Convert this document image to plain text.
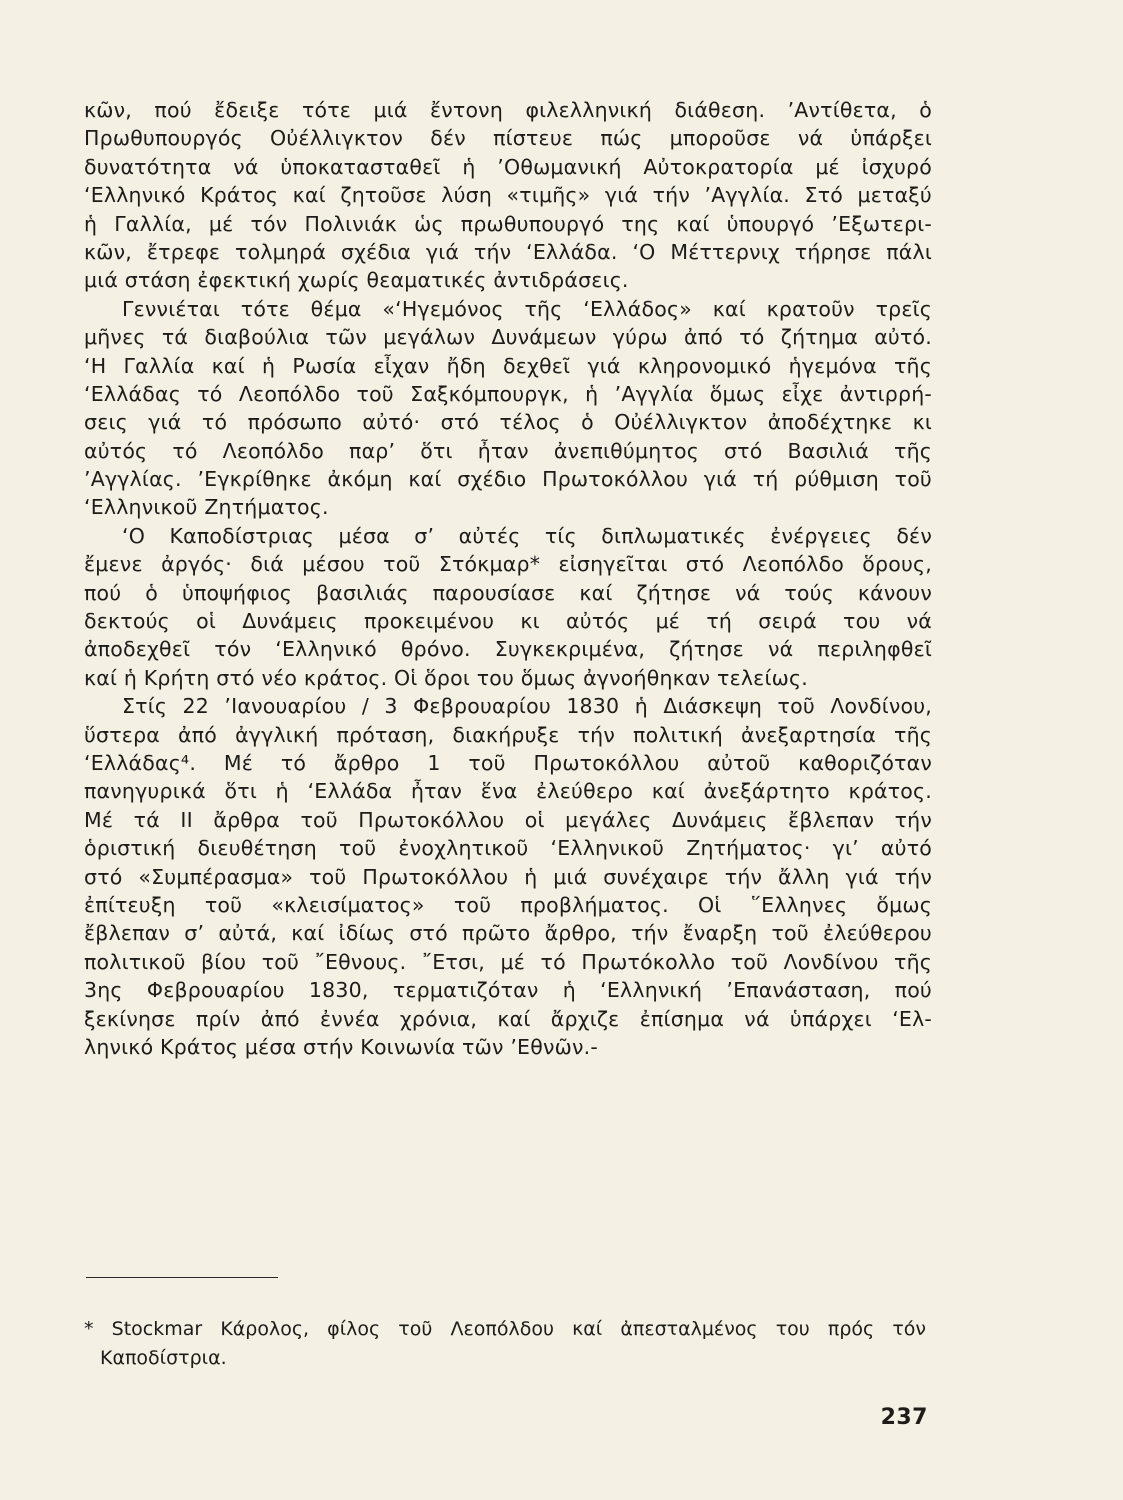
κῶν, πού ἔδειξε τότε μιά ἔντονη φιλελληνική διάθεση. ’Αντίθετα, ὁ
Πρωθυπουργός Οὐέλλιγκτον δέν πίστευε πώς μποροῦσε νά ὑπάρξει
δυνατότητα νά ὑποκατασταθεῖ ἡ ’Οθωμανική Αὐτοκρατορία μέ ἰσχυρό
‘Ελληνικό Κράτος καί ζητοῦσε λύση «τιμῆς» γιά τήν ’Αγγλία. Στό μεταξύ
ἡ Γαλλία, μέ τόν Πολινιάκ ὡς πρωθυπουργό της καί ὑπουργό ’Εξωτερι-
κῶν, ἔτρεφε τολμηρά σχέδια γιά τήν ‘Ελλάδα. ‘Ο Μέττερνιχ τήρησε πάλι
μιά στάση ἐφεκτική χωρίς θεαματικές ἀντιδράσεις.
Γεννιέται τότε θέμα «‘Ηγεμόνος τῆς ‘Ελλάδος» καί κρατοῦν τρεῖς
μῆνες τά διαβούλια τῶν μεγάλων Δυνάμεων γύρω ἀπό τό ζήτημα αὐτό.
‘Η Γαλλία καί ἡ Ρωσία εἶχαν ἤδη δεχθεῖ γιά κληρονομικό ἡγεμόνα τῆς
‘Ελλάδας τό Λεοπόλδο τοῦ Σαξκόμπουργκ, ἡ ’Αγγλία ὅμως εἶχε ἀντιρρή-
σεις γιά τό πρόσωπο αὐτό· στό τέλος ὁ Οὐέλλιγκτον ἀποδέχτηκε κι
αὐτός τό Λεοπόλδο παρ’ ὅτι ἦταν ἀνεπιθύμητος στό Βασιλιά τῆς
’Αγγλίας. ’Εγκρίθηκε ἀκόμη καί σχέδιο Πρωτοκόλλου γιά τή ρύθμιση τοῦ
‘Ελληνικοῦ Ζητήματος.
‘Ο Καποδίστριας μέσα σ’ αὐτές τίς διπλωματικές ἐνέργειες δέν
ἔμενε ἀργός· διά μέσου τοῦ Στόκμαρ* εἰσηγεῖται στό Λεοπόλδο ὅρους,
πού ὁ ὑποψήφιος βασιλιάς παρουσίασε καί ζήτησε νά τούς κάνουν
δεκτούς οἱ Δυνάμεις προκειμένου κι αὐτός μέ τή σειρά του νά
ἀποδεχθεῖ τόν ‘Ελληνικό θρόνο. Συγκεκριμένα, ζήτησε νά περιληφθεῖ
καί ἡ Κρήτη στό νέο κράτος. Οἱ ὅροι του ὅμως ἀγνοήθηκαν τελείως.
Στίς 22 ’Ιανουαρίου / 3 Φεβρουαρίου 1830 ἡ Διάσκεψη τοῦ Λονδίνου,
ὕστερα ἀπό ἀγγλική πρόταση, διακήρυξε τήν πολιτική ἀνεξαρτησία τῆς
‘Ελλάδας⁴. Μέ τό ἄρθρο 1 τοῦ Πρωτοκόλλου αὐτοῦ καθοριζόταν
πανηγυρικά ὅτι ἡ ‘Ελλάδα ἦταν ἕνα ἐλεύθερο καί ἀνεξάρτητο κράτος.
Μέ τά ΙΙ ἄρθρα τοῦ Πρωτοκόλλου οἱ μεγάλες Δυνάμεις ἔβλεπαν τήν
ὁριστική διευθέτηση τοῦ ἐνοχλητικοῦ ‘Ελληνικοῦ Ζητήματος· γι’ αὐτό
στό «Συμπέρασμα» τοῦ Πρωτοκόλλου ἡ μιά συνέχαιρε τήν ἄλλη γιά τήν
ἐπίτευξη τοῦ «κλεισίματος» τοῦ προβλήματος. Οἱ ῞Ελληνες ὅμως
ἔβλεπαν σ’ αὐτά, καί ἰδίως στό πρῶτο ἄρθρο, τήν ἔναρξη τοῦ ἐλεύθερου
πολιτικοῦ βίου τοῦ ῎Εθνους. ῎Ετσι, μέ τό Πρωτόκολλο τοῦ Λονδίνου τῆς
3ης Φεβρουαρίου 1830, τερματιζόταν ἡ ‘Ελληνική ’Επανάσταση, πού
ξεκίνησε πρίν ἀπό ἐννέα χρόνια, καί ἄρχιζε ἐπίσημα νά ὑπάρχει ‘Ελ-
ληνικό Κράτος μέσα στήν Κοινωνία τῶν ’Εθνῶν.-
* Stockmar Κάρολος, φίλος τοῦ Λεοπόλδου καί ἀπεσταλμένος του πρός τόν
Καποδίστρια.
237
